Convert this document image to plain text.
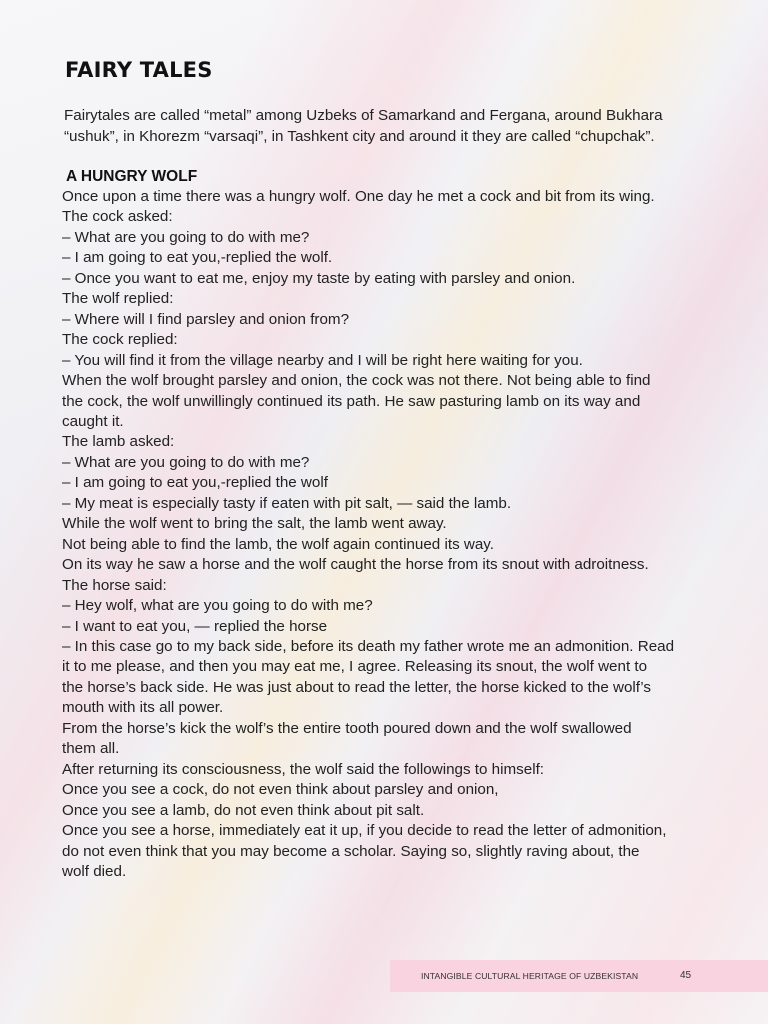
FAIRY TALES

Fairytales are called “metal” among Uzbeks of Samarkand and Fergana, around Bukhara “ushuk”, in Khorezm “varsaqi”, in Tashkent city and around it they are called “chupchak”.

A HUNGRY WOLF
Once upon a time there was a hungry wolf. One day he met a cock and bit from its wing.
The cock asked:
– What are you going to do with me?
– I am going to eat you,-replied the wolf.
– Once you want to eat me, enjoy my taste by eating with parsley and onion.
The wolf replied:
– Where will I find parsley and onion from?
The cock replied:
– You will find it from the village nearby and I will be right here waiting for you.
When the wolf brought parsley and onion, the cock was not there. Not being able to find
the cock, the wolf unwillingly continued its path. He saw pasturing lamb on its way and
caught it.
The lamb asked:
– What are you going to do with me?
– I am going to eat you,-replied the wolf
– My meat is especially tasty if eaten with pit salt, — said the lamb.
While the wolf went to bring the salt, the lamb went away.
Not being able to find the lamb, the wolf again continued its way.
On its way he saw a horse and the wolf caught the horse from its snout with adroitness.
The horse said:
– Hey wolf, what are you going to do with me?
– I want to eat you, — replied the horse
– In this case go to my back side, before its death my father wrote me an admonition. Read
it to me please, and then you may eat me, I agree. Releasing its snout, the wolf went to
the horse’s back side. He was just about to read the letter, the horse kicked to the wolf’s
mouth with its all power.
From the horse’s kick the wolf’s the entire tooth poured down and the wolf swallowed
them all.
After returning its consciousness, the wolf said the followings to himself:
Once you see a cock, do not even think about parsley and onion,
Once you see a lamb, do not even think about pit salt.
Once you see a horse, immediately eat it up, if you decide to read the letter of admonition,
do not even think that you may become a scholar. Saying so, slightly raving about, the
wolf died.
INTANGIBLE CULTURAL HERITAGE OF UZBEKISTAN	45
